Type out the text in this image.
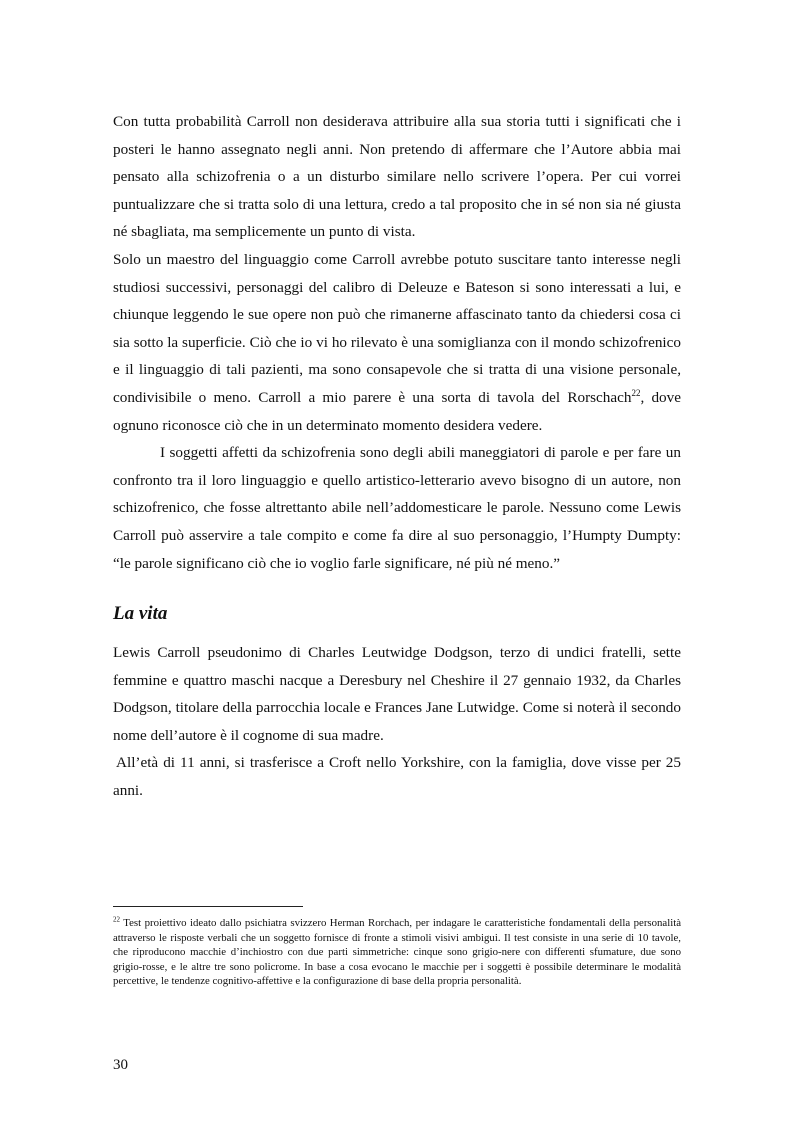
Con tutta probabilità Carroll non desiderava attribuire alla sua storia tutti i significati che i posteri le hanno assegnato negli anni. Non pretendo di affermare che l’Autore abbia mai pensato alla schizofrenia o a un disturbo similare nello scrivere l’opera. Per cui vorrei puntualizzare che si tratta solo di una lettura, credo a tal proposito che in sé non sia né giusta né sbagliata, ma semplicemente un punto di vista.

Solo un maestro del linguaggio come Carroll avrebbe potuto suscitare tanto interesse negli studiosi successivi, personaggi del calibro di Deleuze e Bateson si sono interessati a lui, e chiunque leggendo le sue opere non può che rimanerne affascinato tanto da chiedersi cosa ci sia sotto la superficie. Ciò che io vi ho rilevato è una somiglianza con il mondo schizofrenico e il linguaggio di tali pazienti, ma sono consapevole che si tratta di una visione personale, condivisibile o meno. Carroll a mio parere è una sorta di tavola del Rorschach$^{22}$, dove ognuno riconosce ciò che in un determinato momento desidera vedere.

I soggetti affetti da schizofrenia sono degli abili maneggiatori di parole e per fare un confronto tra il loro linguaggio e quello artistico-letterario avevo bisogno di un autore, non schizofrenico, che fosse altrettanto abile nell’addomesticare le parole. Nessuno come Lewis Carroll può asservire a tale compito e come fa dire al suo personaggio, l’Humpty Dumpty: “le parole significano ciò che io voglio farle significare, né più né meno.”

La vita

Lewis Carroll pseudonimo di Charles Leutwidge Dodgson, terzo di undici fratelli, sette femmine e quattro maschi nacque a Deresbury nel Cheshire il 27 gennaio 1932, da Charles Dodgson, titolare della parrocchia locale e Frances Jane Lutwidge. Come si noterà il secondo nome dell’autore è il cognome di sua madre.

All’età di 11 anni, si trasferisce a Croft nello Yorkshire, con la famiglia, dove visse per 25 anni.

$^{22}$ Test proiettivo ideato dallo psichiatra svizzero Herman Rorchach, per indagare le caratteristiche fondamentali della personalità attraverso le risposte verbali che un soggetto fornisce di fronte a stimoli visivi ambigui. Il test consiste in una serie di 10 tavole, che riproducono macchie d’inchiostro con due parti simmetriche: cinque sono grigio-nere con differenti sfumature, due sono grigio-rosse, e le altre tre sono policrome. In base a cosa evocano le macchie per i soggetti è possibile determinare le modalità percettive, le tendenze cognitivo-affettive e la configurazione di base della propria personalità.

30
